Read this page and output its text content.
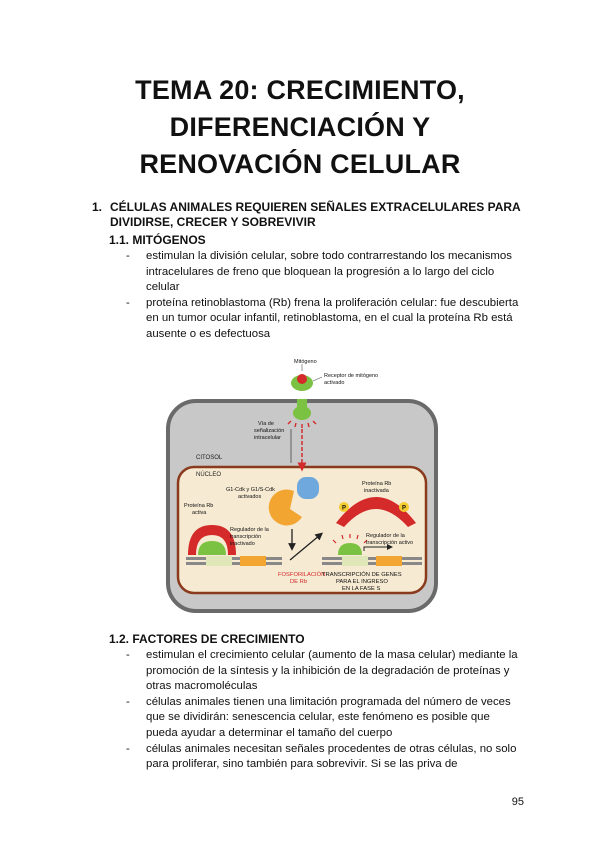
TEMA 20: CRECIMIENTO,
DIFERENCIACIÓN Y
RENOVACIÓN CELULAR
1. CÉLULAS ANIMALES REQUIEREN SEÑALES EXTRACELULARES PARA
DIVIDIRSE, CRECER Y SOBREVIVIR
1.1. MITÓGENOS
- estimulan la división celular, sobre todo contrarrestando los mecanismos intracelulares de freno que bloquean la progresión a lo largo del ciclo celular
- proteína retinoblastoma (Rb) frena la proliferación celular: fue descubierta en un tumor ocular infantil, retinoblastoma, en el cual la proteína Rb está ausente o es defectuosa
Mitógeno
Receptor de mitógeno
activado
Vía de
señalización
intracelular
CITOSOL
NÚCLEO
G1-Cdk y G1/S-Cdk
activados
Proteína Rb
activa
Regulador de la
transcripción
inactivado
Proteína Rb
inactivada
P	P
Regulador de la
transcripción activo
FOSFORILACIÓN
DE Rb
TRANSCRIPCIÓN DE GENES
PARA EL INGRESO
EN LA FASE S
1.2. FACTORES DE CRECIMIENTO
- estimulan el crecimiento celular (aumento de la masa celular) mediante la promoción de la síntesis y la inhibición de la degradación de proteínas y otras macromoléculas
- células animales tienen una limitación programada del número de veces que se dividirán: senescencia celular, este fenómeno es posible que pueda ayudar a determinar el tamaño del cuerpo
- células animales necesitan señales procedentes de otras células, no solo para proliferar, sino también para sobrevivir. Si se las priva de
95
